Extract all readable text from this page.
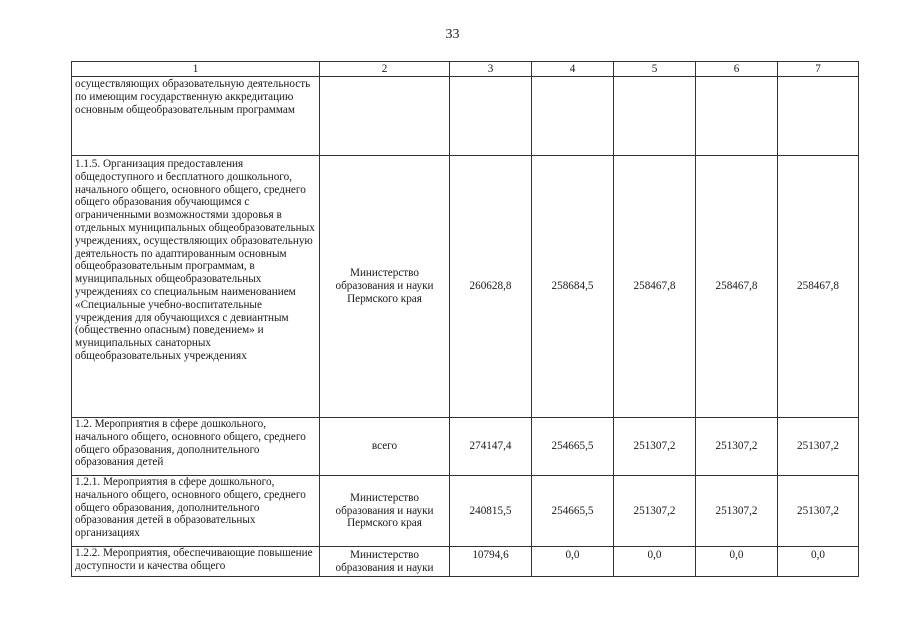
33
1	2	3	4	5	6	7
осуществляющих образовательную деятельность по имеющим государственную аккредитацию основным общеобразовательным программам						
1.1.5. Организация предоставления общедоступного и бесплатного дошкольного, начального общего, основного общего, среднего общего образования обучающимся с ограниченными возможностями здоровья в отдельных муниципальных общеобразовательных учреждениях, осуществляющих образовательную деятельность по адаптированным основным общеобразовательным программам, в муниципальных общеобразовательных учреждениях со специальным наименованием «Специальные учебно-воспитательные учреждения для обучающихся с девиантным (общественно опасным) поведением» и муниципальных санаторных общеобразовательных учреждениях	Министерство образования и науки Пермского края	260628,8	258684,5	258467,8	258467,8	258467,8
1.2. Мероприятия в сфере дошкольного, начального общего, основного общего, среднего общего образования, дополнительного образования детей	всего	274147,4	254665,5	251307,2	251307,2	251307,2
1.2.1. Мероприятия в сфере дошкольного, начального общего, основного общего, среднего общего образования, дополнительного образования детей в образовательных организациях	Министерство образования и науки Пермского края	240815,5	254665,5	251307,2	251307,2	251307,2
1.2.2. Мероприятия, обеспечивающие повышение доступности и качества общего	Министерство образования и науки	10794,6	0,0	0,0	0,0	0,0
